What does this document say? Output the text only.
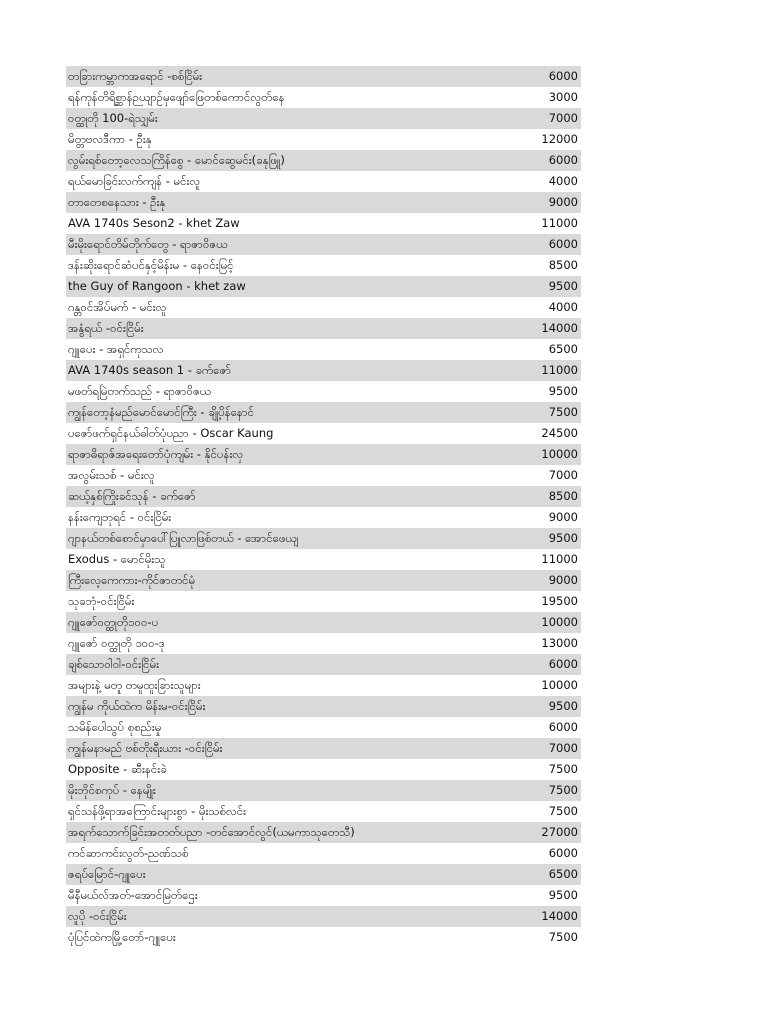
တခြားကမ္ဘာကအရောင် -စစ်ငြိမ်း	6000
ရန်ကုန်တိရိစ္ဆာန်ဉယျာဉ်မှဖျော်ဖြေတစ်ကောင်လွတ်နေ	3000
ဝတ္ထုတို 100-ရဲသျှမ်း	7000
မိတ္တဗလဒီကာ - ဦးနု	12000
လွမ်းရစ်တော့လေသကြိန်စွေ - မောင်ဆွေမင်း(ခနုဖြူ)	6000
ရယ်မောခြင်းလက်ကျန် - မင်းလူ	4000
တာတေစနေသား - ဦးနု	9000
AVA 1740s Seson2 - khet Zaw	11000
မီးမိုးရောင်တိမ်တိုက်တွေ - ရာဇာဝိဇယ	6000
ဒန်းဆိုးရောင်ဆံပင်နှင့်မိန်းမ - နေဝင်းမြင့်	8500
the Guy of Rangoon - khet zaw	9500
ဂန္တဝင်အိပ်မက် - မင်းလူ	4000
အနွံရယ် -ဝင်းငြိမ်း	14000
ဂျူပေး - အရှင်ကုသလ	6500
AVA 1740s season 1 - ခက်ဇော်	11000
မဖတ်ရမြဲတက်သည် - ရာဇာဝိဇယ	9500
ကျွန်တော့နံမည်မောင်မောင်ကြီး - ချို့ပိန်နောင်	7500
ပဇော်ဖက်ရှင်နယ်ဓါတ်ပုံပညာ - Oscar Kaung	24500
ရာဇာဓိရာဇ်အရေးတော်ပုံကျမ်း - နိုင်ပန်းလှ	10000
အလွမ်းသစ် - မင်းလူ	7000
ဆယ့်နှစ်ကြိုးခင်သုန် - ခက်ဇော်	8500
နန်းကျေဘုရင် - ဝင်းငြိမ်း	9000
ဂျာနယ်တစ်စောင်မှာပေါ်ပြူလာဖြစ်တယ် - အောင်ဖေယျ	9500
Exodus - မောင်မိုးသူ	11000
ကြီးလေ့ကေကား-ကိုင်ဇာတင်မုံ	9000
သုခဘုံ-ဝင်းငြိမ်း	19500
ဂျူဇော်ဝတ္ထုတို၁၀၀-ပ	10000
ဂျူဇော် ဝတ္ထုတို ၁၀၀-ဒု	13000
ချစ်သောဝါဝါ-ဝင်းငြိမ်း	6000
အများနဲ့ မတူ တမူထူးခြားသူများ	10000
ကျွန်မ ကိုယ်ထဲက မိန်းမ-ဝင်းငြိမ်း	9500
သမိန်ပေါသွပ် စုစည်းမှု	6000
ကျွန်မနာမည် ဗစ်တိုးရီးယား -ဝင်းငြိမ်း	7000
Opposite - ဆီးနင်းခဲ	7500
မိုးဘိုင်စကုပ် - နေမျိုး	7500
ရှင်သန်ဖို့ရာအကြောင်းများစွာ - မိုးသစ်လင်း	7500
အရက်သောက်ခြင်းအတတ်ပညာ -တင်အောင်လွင်(ယမကာသုတေသီ)	27000
ကင်ဆာကင်းလွတ်-ညဏ်သစ်	6000
ဇရပ်မြောင်-ဂျူပေး	6500
မီနီမယ်လ်အတ်-အောင်မြတ်ဌေး	9500
လူပို -ဝင်းငြိမ်း	14000
ပုံပြင်ထဲကမြို့တော်-ဂျူပေး	7500
